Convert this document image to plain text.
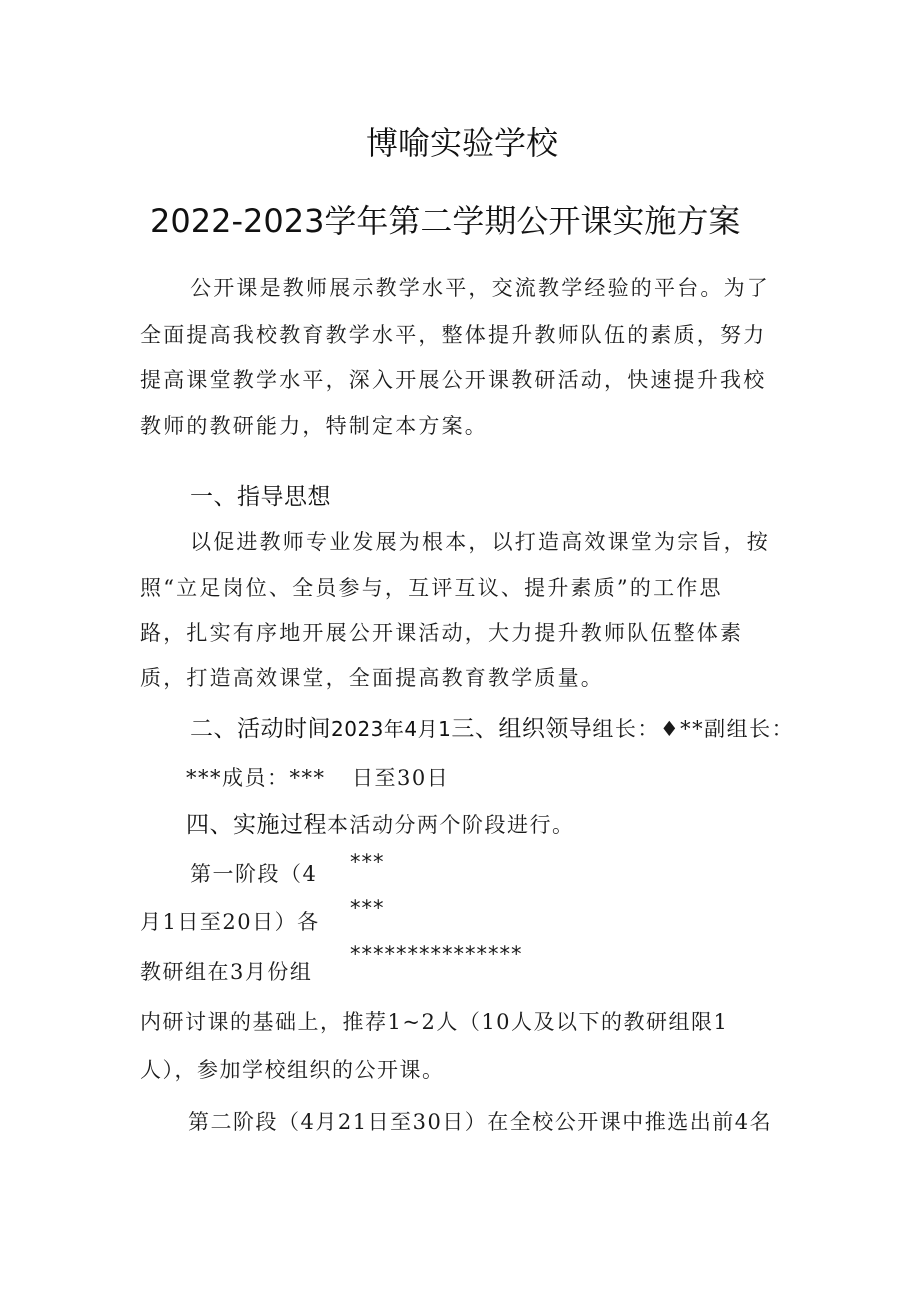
博喻实验学校
2022-2023学年第二学期公开课实施方案
公开课是教师展示教学水平，交流教学经验的平台。为了
全面提高我校教育教学水平，整体提升教师队伍的素质，努力
提高课堂教学水平，深入开展公开课教研活动，快速提升我校
教师的教研能力，特制定本方案。
一、指导思想
以促进教师专业发展为根本，以打造高效课堂为宗旨，按
照“立足岗位、全员参与，互评互议、提升素质”的工作思
路，扎实有序地开展公开课活动，大力提升教师队伍整体素
质，打造高效课堂，全面提高教育教学质量。
二、活动时间2023年4月1三、组织领导组长：♦**副组长：
***成员：*** 日至30日
四、实施过程本活动分两个阶段进行。
第一阶段（4
月1日至20日）各
教研组在3月份组
***
***
***************
内研讨课的基础上，推荐1~2人（10人及以下的教研组限1
人），参加学校组织的公开课。
第二阶段（4月21日至30日）在全校公开课中推选出前4名
